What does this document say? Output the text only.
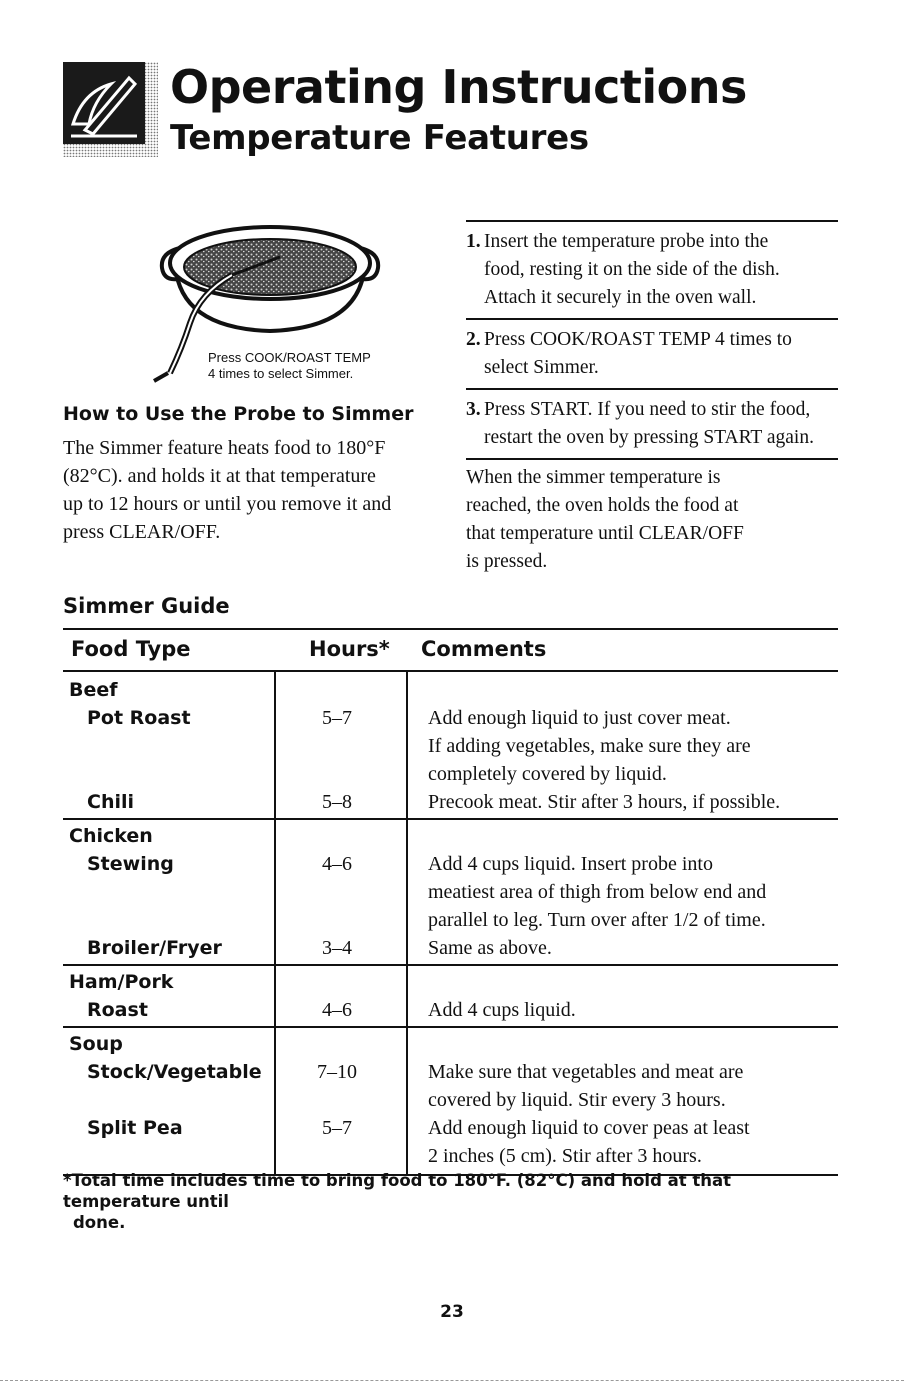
Operating Instructions
Temperature Features
Press COOK/ROAST TEMP
4 times to select Simmer.
How to Use the Probe to Simmer
The Simmer feature heats food to 180°F
(82°C). and holds it at that temperature
up to 12 hours or until you remove it and
press CLEAR/OFF.
1. Insert the temperature probe into the
food, resting it on the side of the dish.
Attach it securely in the oven wall.
2. Press COOK/ROAST TEMP 4 times to
select Simmer.
3. Press START. If you need to stir the food,
restart the oven by pressing START again.
When the simmer temperature is
reached, the oven holds the food at
that temperature until CLEAR/OFF
is pressed.
Simmer Guide
Food Type	Hours* Comments
Beef
Pot Roast	5–7	Add enough liquid to just cover meat.
If adding vegetables, make sure they are
completely covered by liquid.
Chili	5–8	Precook meat. Stir after 3 hours, if possible.
Chicken
Stewing	4–6	Add 4 cups liquid. Insert probe into
meatiest area of thigh from below end and
parallel to leg. Turn over after 1/2 of time.
Broiler/Fryer	3–4	Same as above.
Ham/Pork
Roast	4–6	Add 4 cups liquid.
Soup
Stock/Vegetable	7–10	Make sure that vegetables and meat are
covered by liquid. Stir every 3 hours.
Split Pea	5–7	Add enough liquid to cover peas at least
2 inches (5 cm). Stir after 3 hours.
*Total time includes time to bring food to 180°F. (82°C) and hold at that temperature until
done.
23
